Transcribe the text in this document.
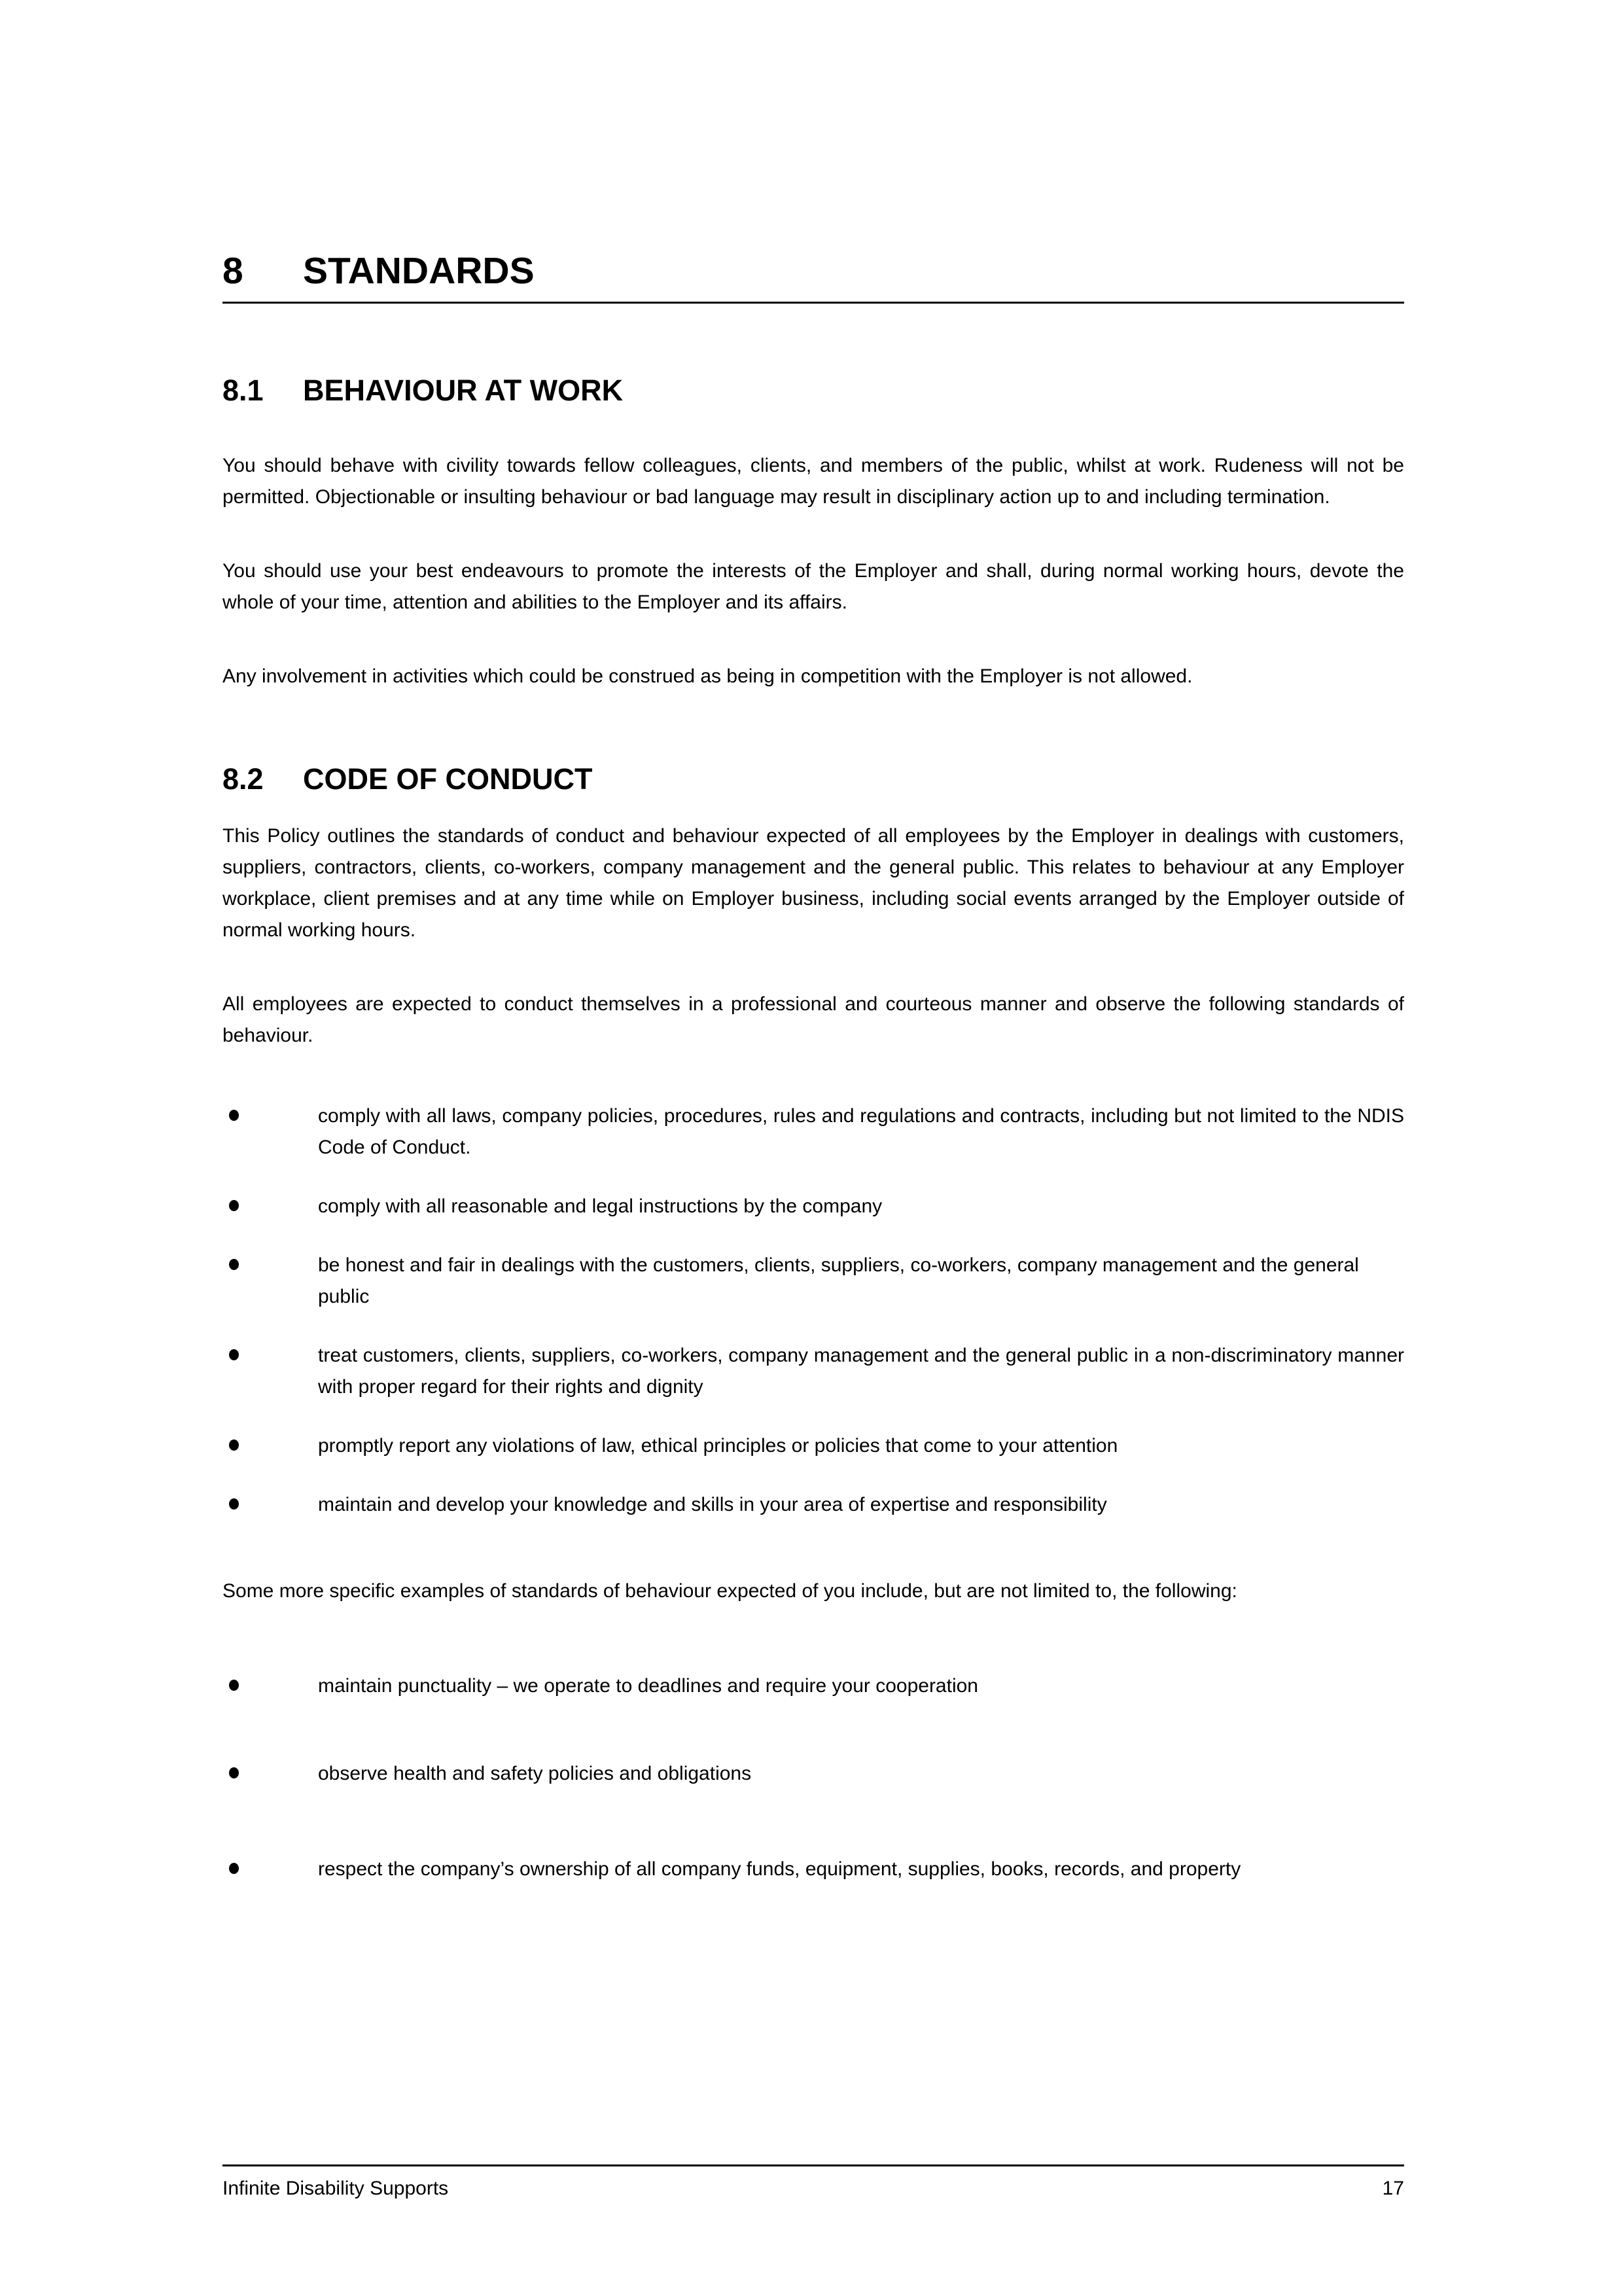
8	STANDARDS
8.1	BEHAVIOUR AT WORK

You should behave with civility towards fellow colleagues, clients, and members of the public, whilst at work. Rudeness will not be permitted. Objectionable or insulting behaviour or bad language may result in disciplinary action up to and including termination.

You should use your best endeavours to promote the interests of the Employer and shall, during normal working hours, devote the whole of your time, attention and abilities to the Employer and its affairs.

Any involvement in activities which could be construed as being in competition with the Employer is not allowed.

8.2	CODE OF CONDUCT

This Policy outlines the standards of conduct and behaviour expected of all employees by the Employer in dealings with customers, suppliers, contractors, clients, co-workers, company management and the general public. This relates to behaviour at any Employer workplace, client premises and at any time while on Employer business, including social events arranged by the Employer outside of normal working hours.

All employees are expected to conduct themselves in a professional and courteous manner and observe the following standards of behaviour.

comply with all laws, company policies, procedures, rules and regulations and contracts, including but not limited to the NDIS Code of Conduct.
comply with all reasonable and legal instructions by the company
be honest and fair in dealings with the customers, clients, suppliers, co-workers, company management and the general public
treat customers, clients, suppliers, co-workers, company management and the general public in a non-discriminatory manner with proper regard for their rights and dignity
promptly report any violations of law, ethical principles or policies that come to your attention
maintain and develop your knowledge and skills in your area of expertise and responsibility

Some more specific examples of standards of behaviour expected of you include, but are not limited to, the following:

maintain punctuality – we operate to deadlines and require your cooperation
observe health and safety policies and obligations
respect the company’s ownership of all company funds, equipment, supplies, books, records, and property
Infinite Disability Supports	17
